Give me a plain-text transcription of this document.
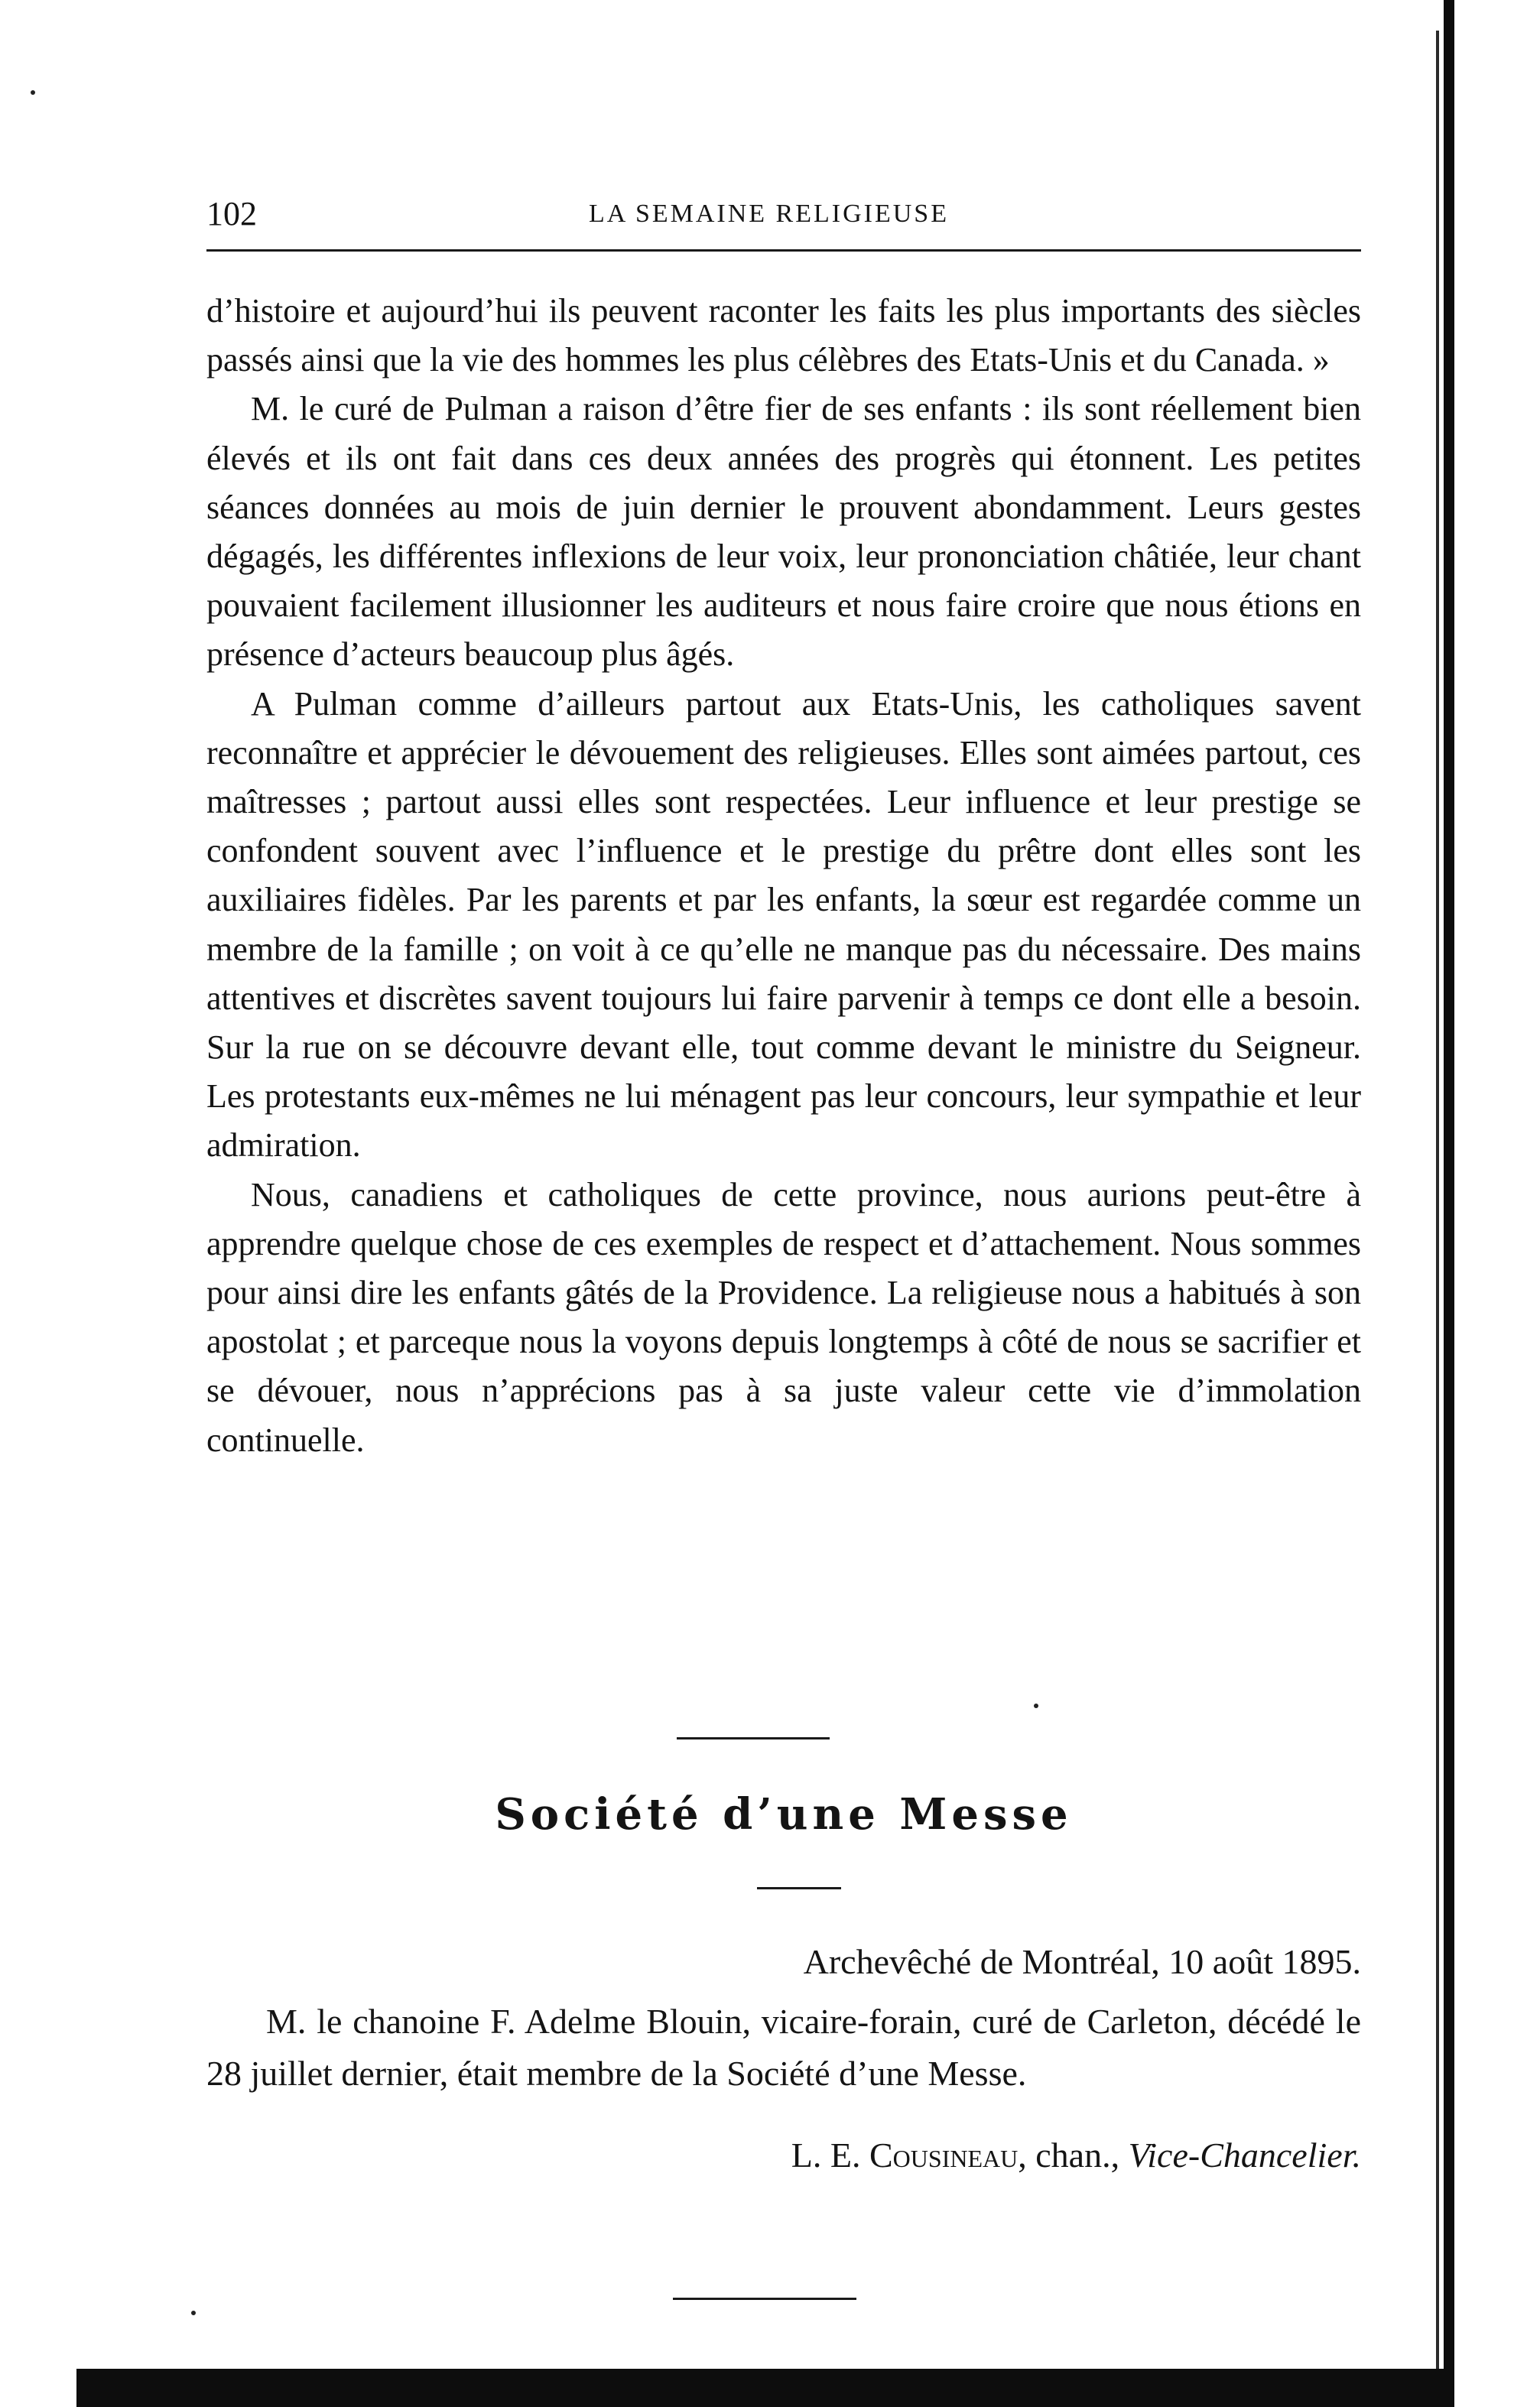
102	LA SEMAINE RELIGIEUSE

d’histoire et aujourd’hui ils peuvent raconter les faits les plus importants des siècles passés ainsi que la vie des hommes les plus célèbres des Etats-Unis et du Canada. »

M. le curé de Pulman a raison d’être fier de ses enfants : ils sont réellement bien élevés et ils ont fait dans ces deux années des progrès qui étonnent. Les petites séances données au mois de juin dernier le prouvent abondamment. Leurs gestes dégagés, les différentes inflexions de leur voix, leur prononciation châtiée, leur chant pouvaient facilement illusionner les auditeurs et nous faire croire que nous étions en présence d’acteurs beaucoup plus âgés.

A Pulman comme d’ailleurs partout aux Etats-Unis, les catholiques savent reconnaître et apprécier le dévouement des religieuses. Elles sont aimées partout, ces maîtresses ; partout aussi elles sont respectées. Leur influence et leur prestige se confondent souvent avec l’influence et le prestige du prêtre dont elles sont les auxiliaires fidèles. Par les parents et par les enfants, la sœur est regardée comme un membre de la famille ; on voit à ce qu’elle ne manque pas du nécessaire. Des mains attentives et discrètes savent toujours lui faire parvenir à temps ce dont elle a besoin. Sur la rue on se découvre devant elle, tout comme devant le ministre du Seigneur. Les protestants eux-mêmes ne lui ménagent pas leur concours, leur sympathie et leur admiration.

Nous, canadiens et catholiques de cette province, nous aurions peut-être à apprendre quelque chose de ces exemples de respect et d’attachement. Nous sommes pour ainsi dire les enfants gâtés de la Providence. La religieuse nous a habitués à son apostolat ; et parceque nous la voyons depuis longtemps à côté de nous se sacrifier et se dévouer, nous n’apprécions pas à sa juste valeur cette vie d’immolation continuelle.

Société d’une Messe
Archevêché de Montréal, 10 août 1895.

M. le chanoine F. Adelme Blouin, vicaire-forain, curé de Carleton, décédé le 28 juillet dernier, était membre de la Société d’une Messe.

L. E. Cousineau, chan., Vice-Chancelier.
